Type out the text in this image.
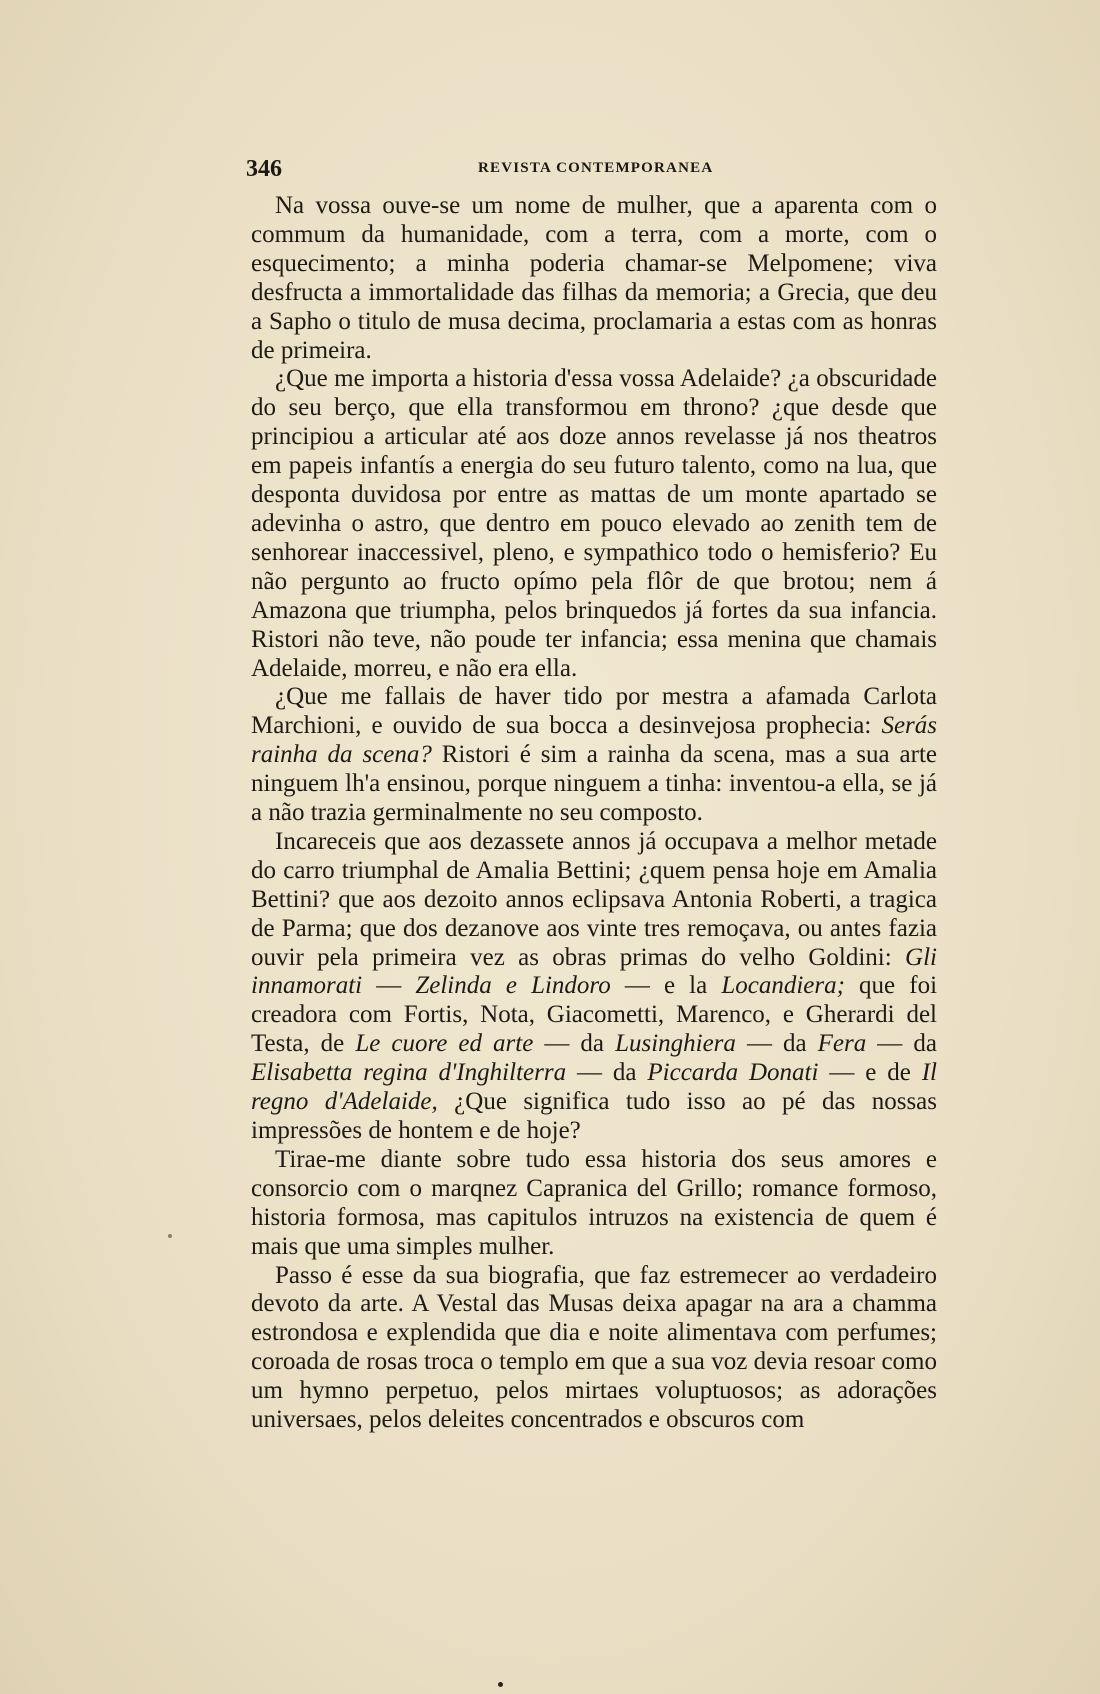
346	REVISTA CONTEMPORANEA

Na vossa ouve-se um nome de mulher, que a aparenta com o commum da humanidade, com a terra, com a morte, com o esquecimento; a minha poderia chamar-se Melpomene; viva desfructa a immortalidade das filhas da memoria; a Grecia, que deu a Sapho o titulo de musa decima, proclamaria a estas com as honras de primeira.

¿Que me importa a historia d'essa vossa Adelaide? ¿a obscuridade do seu berço, que ella transformou em throno? ¿que desde que principiou a articular até aos doze annos revelasse já nos theatros em papeis infantís a energia do seu futuro talento, como na lua, que desponta duvidosa por entre as mattas de um monte apartado se adevinha o astro, que dentro em pouco elevado ao zenith tem de senhorear inaccessivel, pleno, e sympathico todo o hemisferio? Eu não pergunto ao fructo opímo pela flôr de que brotou; nem á Amazona que triumpha, pelos brinquedos já fortes da sua infancia. Ristori não teve, não poude ter infancia; essa menina que chamais Adelaide, morreu, e não era ella.

¿Que me fallais de haver tido por mestra a afamada Carlota Marchioni, e ouvido de sua bocca a desinvejosa prophecia: Serás rainha da scena? Ristori é sim a rainha da scena, mas a sua arte ninguem lh'a ensinou, porque ninguem a tinha: inventou-a ella, se já a não trazia germinalmente no seu composto.

Incareceis que aos dezassete annos já occupava a melhor metade do carro triumphal de Amalia Bettini; ¿quem pensa hoje em Amalia Bettini? que aos dezoito annos eclipsava Antonia Roberti, a tragica de Parma; que dos dezanove aos vinte tres remoçava, ou antes fazia ouvir pela primeira vez as obras primas do velho Goldini: Gli innamorati — Zelinda e Lindoro — e la Locandiera; que foi creadora com Fortis, Nota, Giacometti, Marenco, e Gherardi del Testa, de Le cuore ed arte — da Lusinghiera — da Fera — da Elisabetta regina d'Inghilterra — da Piccarda Donati — e de Il regno d'Adelaide, ¿Que significa tudo isso ao pé das nossas impressões de hontem e de hoje?

Tirae-me diante sobre tudo essa historia dos seus amores e consorcio com o marqnez Capranica del Grillo; romance formoso, historia formosa, mas capitulos intruzos na existencia de quem é mais que uma simples mulher.

Passo é esse da sua biografia, que faz estremecer ao verdadeiro devoto da arte. A Vestal das Musas deixa apagar na ara a chamma estrondosa e explendida que dia e noite alimentava com perfumes; coroada de rosas troca o templo em que a sua voz devia resoar como um hymno perpetuo, pelos mirtaes voluptuosos; as adorações universaes, pelos deleites concentrados e obscuros com
